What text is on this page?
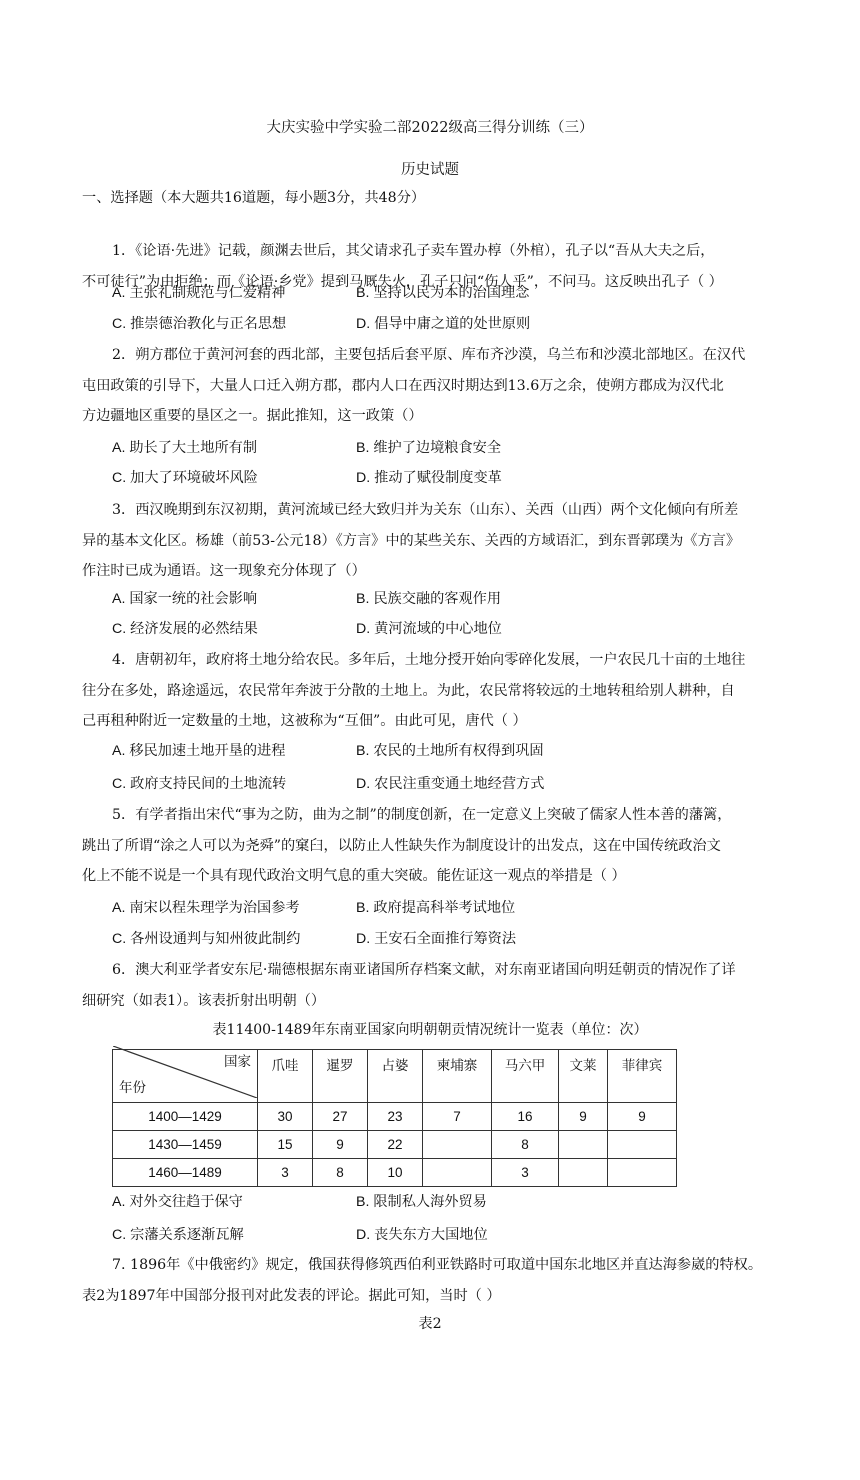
大庆实验中学实验二部2022级高三得分训练（三）
历史试题
一、选择题（本大题共16道题，每小题3分，共48分）
1．《论语·先进》记载，颜渊去世后，其父请求孔子卖车置办椁（外棺），孔子以“吾从大夫之后，
不可徒行”为由拒绝；而《论语·乡党》提到马厩失火，孔子只问“伤人乎”，不问马。这反映出孔子（ ）
A. 主张礼制规范与仁爱精神	B. 坚持以民为本的治国理念
C. 推崇德治教化与正名思想	D. 倡导中庸之道的处世原则
2．朔方郡位于黄河河套的西北部，主要包括后套平原、库布齐沙漠，乌兰布和沙漠北部地区。在汉代
屯田政策的引导下，大量人口迁入朔方郡，郡内人口在西汉时期达到13.6万之余，使朔方郡成为汉代北
方边疆地区重要的垦区之一。据此推知，这一政策（）
A. 助长了大土地所有制	B. 维护了边境粮食安全
C. 加大了环境破坏风险	D. 推动了赋役制度变革
3．西汉晚期到东汉初期，黄河流域已经大致归并为关东（山东）、关西（山西）两个文化倾向有所差
异的基本文化区。杨雄（前53-公元18）《方言》中的某些关东、关西的方域语汇，到东晋郭璞为《方言》
作注时已成为通语。这一现象充分体现了（）
A. 国家一统的社会影响	B. 民族交融的客观作用
C. 经济发展的必然结果	D. 黄河流域的中心地位
4．唐朝初年，政府将土地分给农民。多年后，土地分授开始向零碎化发展，一户农民几十亩的土地往
往分在多处，路途遥远，农民常年奔波于分散的土地上。为此，农民常将较远的土地转租给别人耕种，自
己再租种附近一定数量的土地，这被称为“互佃”。由此可见，唐代（ ）
A. 移民加速土地开垦的进程	B. 农民的土地所有权得到巩固
C. 政府支持民间的土地流转	D. 农民注重变通土地经营方式
5．有学者指出宋代“事为之防，曲为之制”的制度创新，在一定意义上突破了儒家人性本善的藩篱，
跳出了所谓“涂之人可以为尧舜”的窠臼，以防止人性缺失作为制度设计的出发点，这在中国传统政治文
化上不能不说是一个具有现代政治文明气息的重大突破。能佐证这一观点的举措是（ ）
A. 南宋以程朱理学为治国参考	B. 政府提高科举考试地位
C. 各州设通判与知州彼此制约	D. 王安石全面推行筹资法
6．澳大利亚学者安东尼·瑞德根据东南亚诸国所存档案文献，对东南亚诸国向明廷朝贡的情况作了详
细研究（如表1）。该表折射出明朝（）
表11400-1489年东南亚国家向明朝朝贡情况统计一览表（单位：次）
国家
年份	爪哇	暹罗	占婆	柬埔寨	马六甲	文莱	菲律宾
1400—1429	30	27	23	7	16	9	9
1430—1459	15	9	22		8		
1460—1489	3	8	10		3		
A. 对外交往趋于保守	B. 限制私人海外贸易
C. 宗藩关系逐渐瓦解	D. 丧失东方大国地位
7. 1896年《中俄密约》规定，俄国获得修筑西伯利亚铁路时可取道中国东北地区并直达海参崴的特权。
表2为1897年中国部分报刊对此发表的评论。据此可知，当时（ ）
表2
